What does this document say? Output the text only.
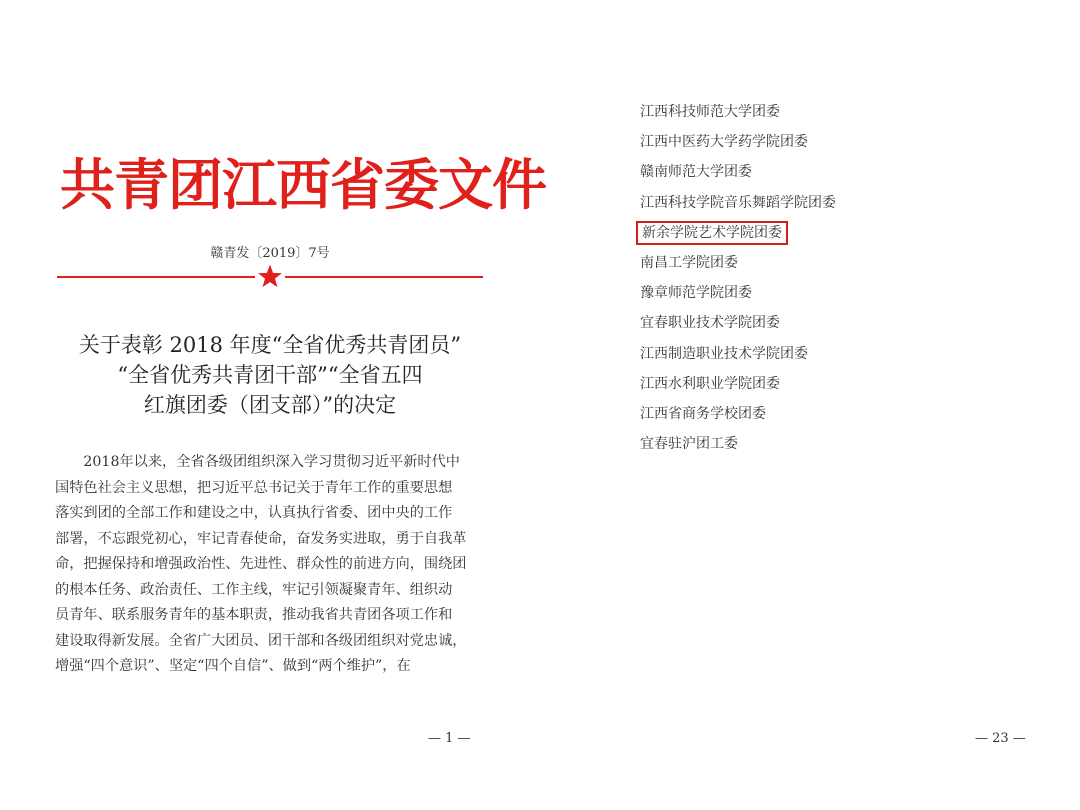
共青团江西省委文件
赣青发〔2019〕7号
关于表彰 2018 年度“全省优秀共青团员”
“全省优秀共青团干部”“全省五四
红旗团委（团支部）”的决定
　　2018年以来，全省各级团组织深入学习贯彻习近平新时代中
国特色社会主义思想，把习近平总书记关于青年工作的重要思想
落实到团的全部工作和建设之中，认真执行省委、团中央的工作
部署，不忘跟党初心，牢记青春使命，奋发务实进取，勇于自我革
命，把握保持和增强政治性、先进性、群众性的前进方向，围绕团
的根本任务、政治责任、工作主线，牢记引领凝聚青年、组织动
员青年、联系服务青年的基本职责，推动我省共青团各项工作和
建设取得新发展。全省广大团员、团干部和各级团组织对党忠诚，
增强“四个意识”、坚定“四个自信”、做到“两个维护”，在
— 1 —
江西科技师范大学团委
江西中医药大学药学院团委
赣南师范大学团委
江西科技学院音乐舞蹈学院团委
新余学院艺术学院团委
南昌工学院团委
豫章师范学院团委
宜春职业技术学院团委
江西制造职业技术学院团委
江西水利职业学院团委
江西省商务学校团委
宜春驻沪团工委
— 23 —
